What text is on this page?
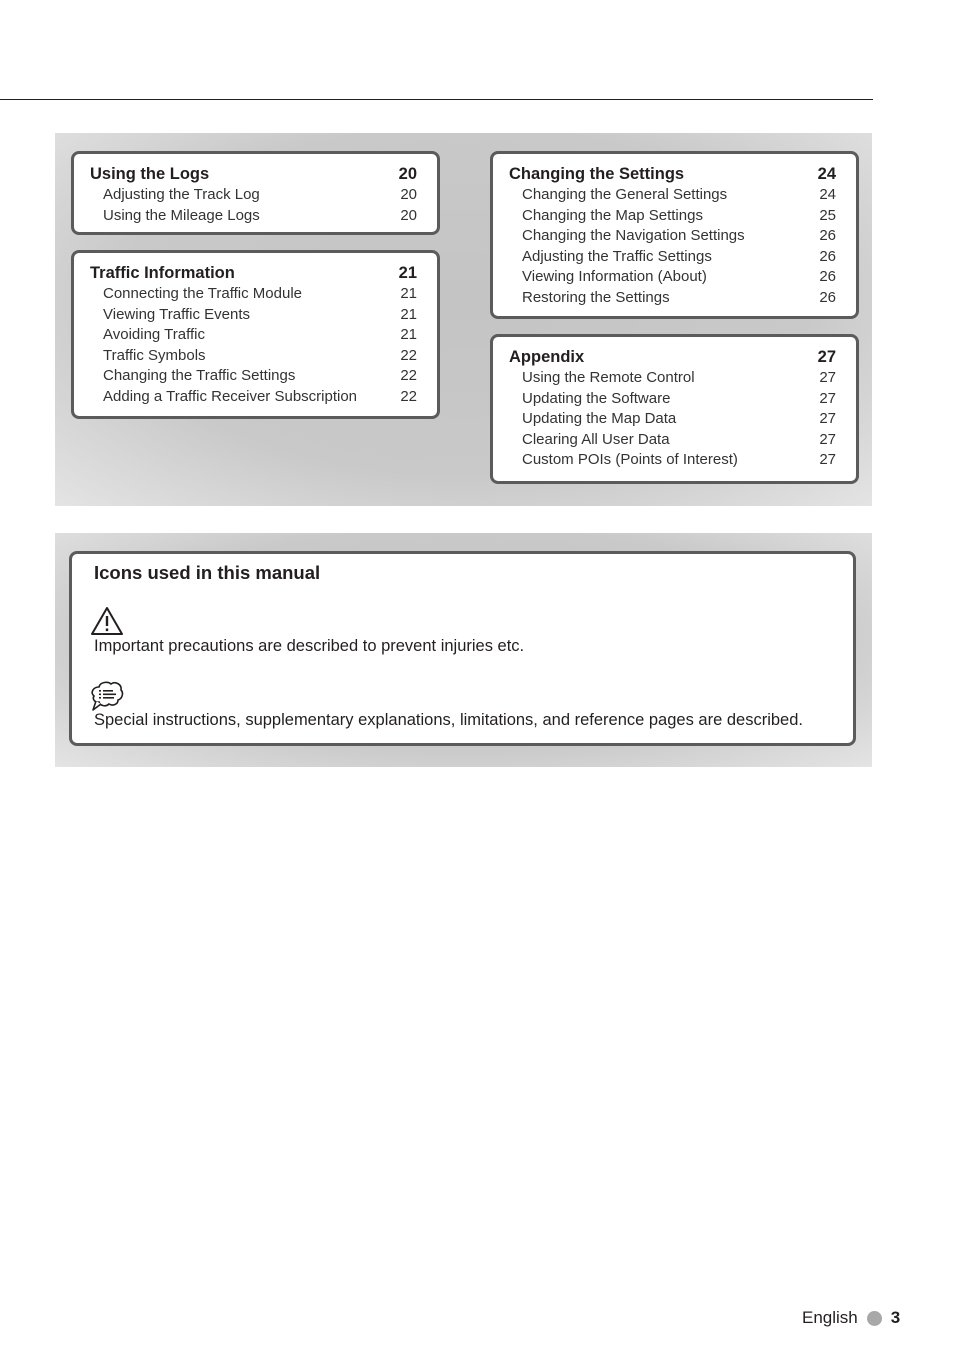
Using the Logs	20
Adjusting the Track Log	20
Using the Mileage Logs	20
Traffic Information	21
Connecting the Traffic Module	21
Viewing Traffic Events	21
Avoiding Traffic	21
Traffic Symbols	22
Changing the Traffic Settings	22
Adding a Traffic Receiver Subscription	22
Changing the Settings	24
Changing the General Settings	24
Changing the Map Settings	25
Changing the Navigation Settings	26
Adjusting the Traffic Settings	26
Viewing Information (About)	26
Restoring the Settings	26
Appendix	27
Using the Remote Control	27
Updating the Software	27
Updating the Map Data	27
Clearing All User Data	27
Custom POIs (Points of Interest)	27
Icons used in this manual
Important precautions are described to prevent injuries etc.
Special instructions, supplementary explanations, limitations, and reference pages are described.
English 3
